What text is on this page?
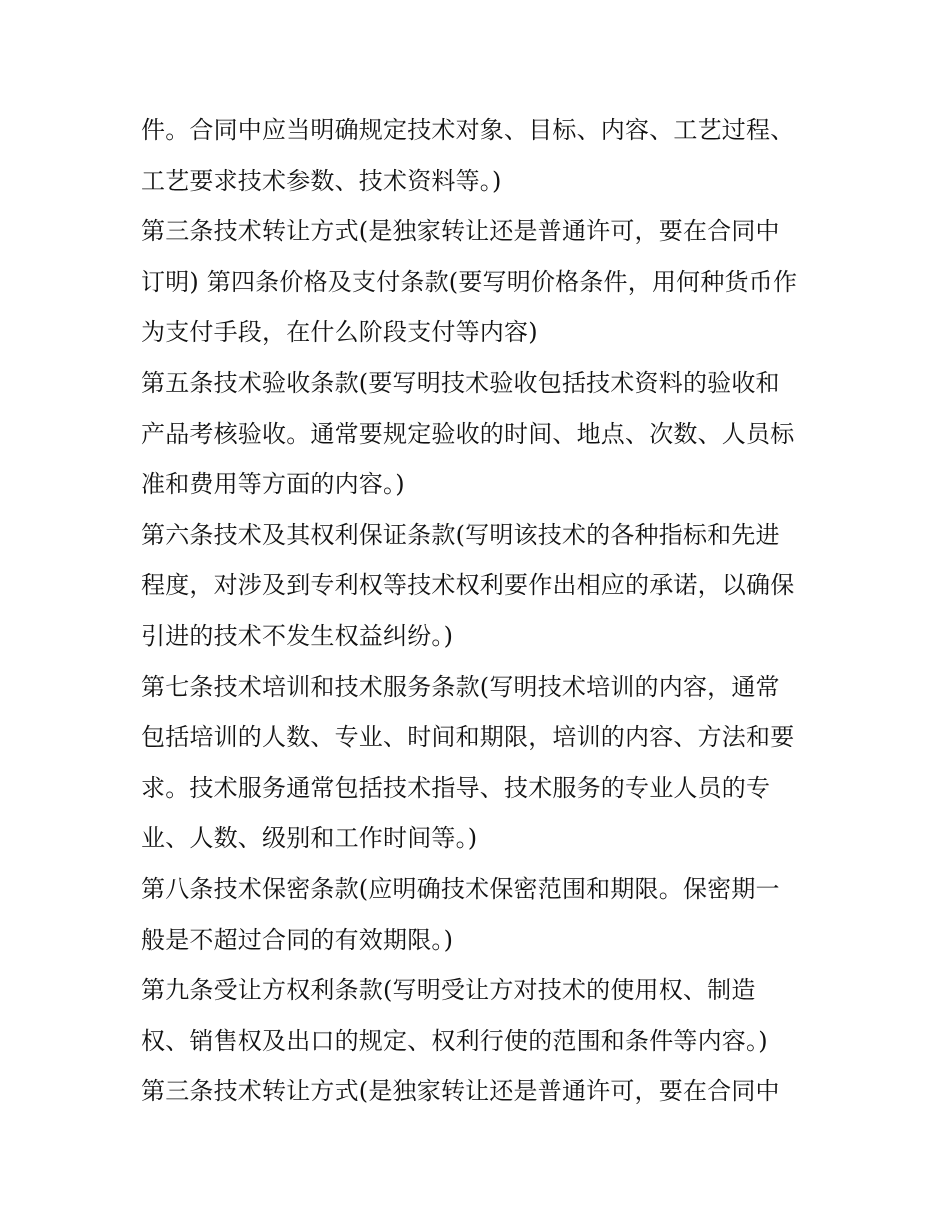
件。合同中应当明确规定技术对象、目标、内容、工艺过程、
工艺要求技术参数、技术资料等。)
第三条技术转让方式(是独家转让还是普通许可，要在合同中
订明) 第四条价格及支付条款(要写明价格条件，用何种货币作
为支付手段，在什么阶段支付等内容)
第五条技术验收条款(要写明技术验收包括技术资料的验收和
产品考核验收。通常要规定验收的时间、地点、次数、人员标
准和费用等方面的内容。)
第六条技术及其权利保证条款(写明该技术的各种指标和先进
程度，对涉及到专利权等技术权利要作出相应的承诺，以确保
引进的技术不发生权益纠纷。)
第七条技术培训和技术服务条款(写明技术培训的内容，通常
包括培训的人数、专业、时间和期限，培训的内容、方法和要
求。技术服务通常包括技术指导、技术服务的专业人员的专
业、人数、级别和工作时间等。)
第八条技术保密条款(应明确技术保密范围和期限。保密期一
般是不超过合同的有效期限。)
第九条受让方权利条款(写明受让方对技术的使用权、制造
权、销售权及出口的规定、权利行使的范围和条件等内容。)
第三条技术转让方式(是独家转让还是普通许可，要在合同中
